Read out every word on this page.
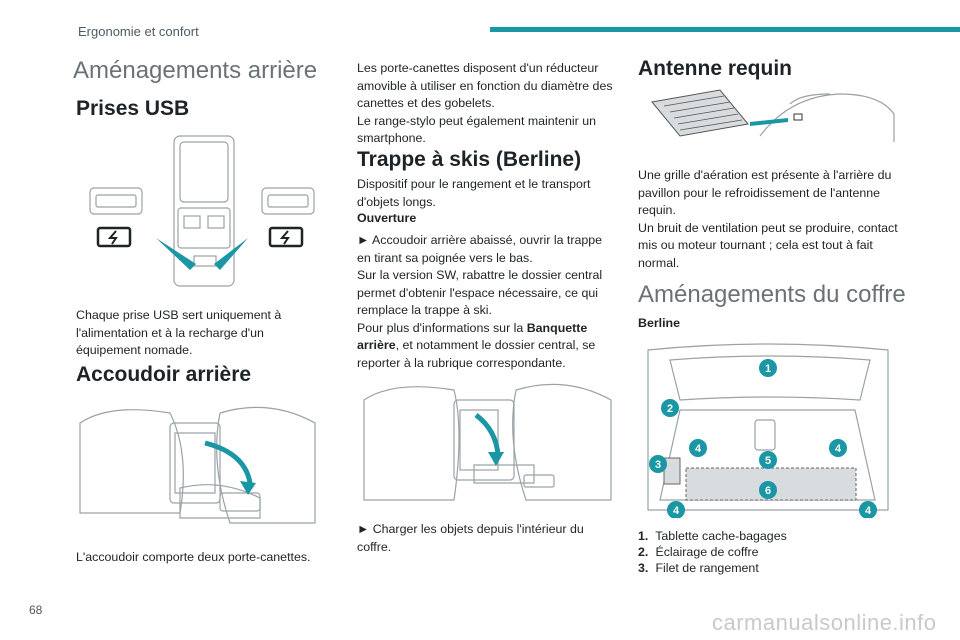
Ergonomie et confort
Aménagements arrière
Prises USB
Chaque prise USB sert uniquement à l'alimentation et à la recharge d'un équipement nomade.
Accoudoir arrière
L'accoudoir comporte deux porte-canettes.

Les porte-canettes disposent d'un réducteur amovible à utiliser en fonction du diamètre des canettes et des gobelets.

Le range-stylo peut également maintenir un smartphone.

Trappe à skis (Berline)
Dispositif pour le rangement et le transport d'objets longs.
Ouverture

► Accoudoir arrière abaissé, ouvrir la trappe en tirant sa poignée vers le bas.

Sur la version SW, rabattre le dossier central permet d'obtenir l'espace nécessaire, ce qui remplace la trappe à ski.

Pour plus d'informations sur la Banquette arrière, et notamment le dossier central, se reporter à la rubrique correspondante.

► Charger les objets depuis l'intérieur du coffre.
Antenne requin

Une grille d'aération est présente à l'arrière du pavillon pour le refroidissement de l'antenne requin.

Un bruit de ventilation peut se produire, contact mis ou moteur tournant ; cela est tout à fait normal.

Aménagements du coffre
Berline
1
2
3
4
4
5
6
4
4
1. Tablette cache-bagages
2. Éclairage de coffre
3. Filet de rangement
68	carmanualsonline.info
